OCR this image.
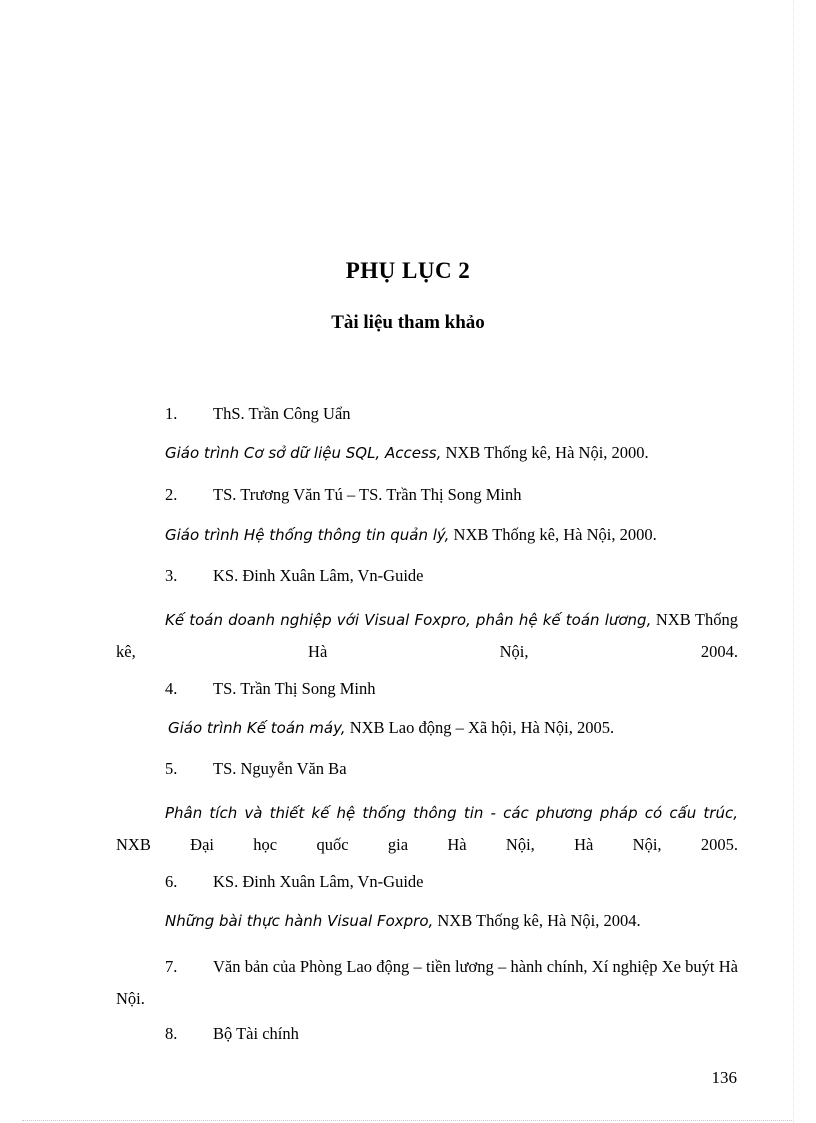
PHỤ LỤC 2
Tài liệu tham khảo
1. ThS. Trần Công Uẩn
Giáo trình Cơ sở dữ liệu SQL, Access, NXB Thống kê, Hà Nội, 2000.
2. TS. Trương Văn Tú – TS. Trần Thị Song Minh
Giáo trình Hệ thống thông tin quản lý, NXB Thống kê, Hà Nội, 2000.
3. KS. Đinh Xuân Lâm, Vn-Guide
Kế toán doanh nghiệp với Visual Foxpro, phân hệ kế toán lương, NXB Thống kê, Hà Nội, 2004.
4. TS. Trần Thị Song Minh
Giáo trình Kế toán máy, NXB Lao động – Xã hội, Hà Nội, 2005.
5. TS. Nguyễn Văn Ba
Phân tích và thiết kế hệ thống thông tin - các phương pháp có cấu trúc, NXB Đại học quốc gia Hà Nội, Hà Nội, 2005.
6. KS. Đinh Xuân Lâm, Vn-Guide
Những bài thực hành Visual Foxpro, NXB Thống kê, Hà Nội, 2004.
7. Văn bản của Phòng Lao động – tiền lương – hành chính, Xí nghiệp Xe buýt Hà Nội.
8. Bộ Tài chính
136
